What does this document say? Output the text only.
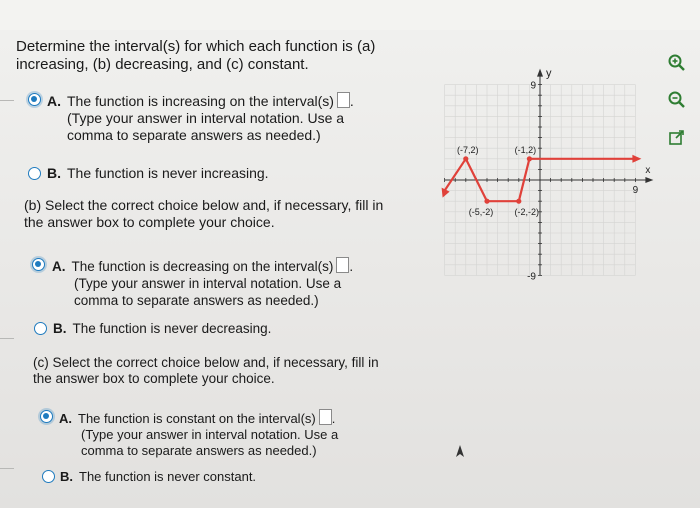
Determine the interval(s) for which each function is (a)
increasing, (b) decreasing, and (c) constant.
A. The function is increasing on the interval(s) .
(Type your answer in interval notation. Use a
comma to separate answers as needed.)
B. The function is never increasing.
(b) Select the correct choice below and, if necessary, fill in
the answer box to complete your choice.
A. The function is decreasing on the interval(s) .
(Type your answer in interval notation. Use a
comma to separate answers as needed.)
B. The function is never decreasing.
(c) Select the correct choice below and, if necessary, fill in
the answer box to complete your choice.
A. The function is constant on the interval(s) .
(Type your answer in interval notation. Use a
comma to separate answers as needed.)
B. The function is never constant.
y
x
9
-9
9
(-7,2)	(-1,2)
(-5,-2) (-2,-2)
